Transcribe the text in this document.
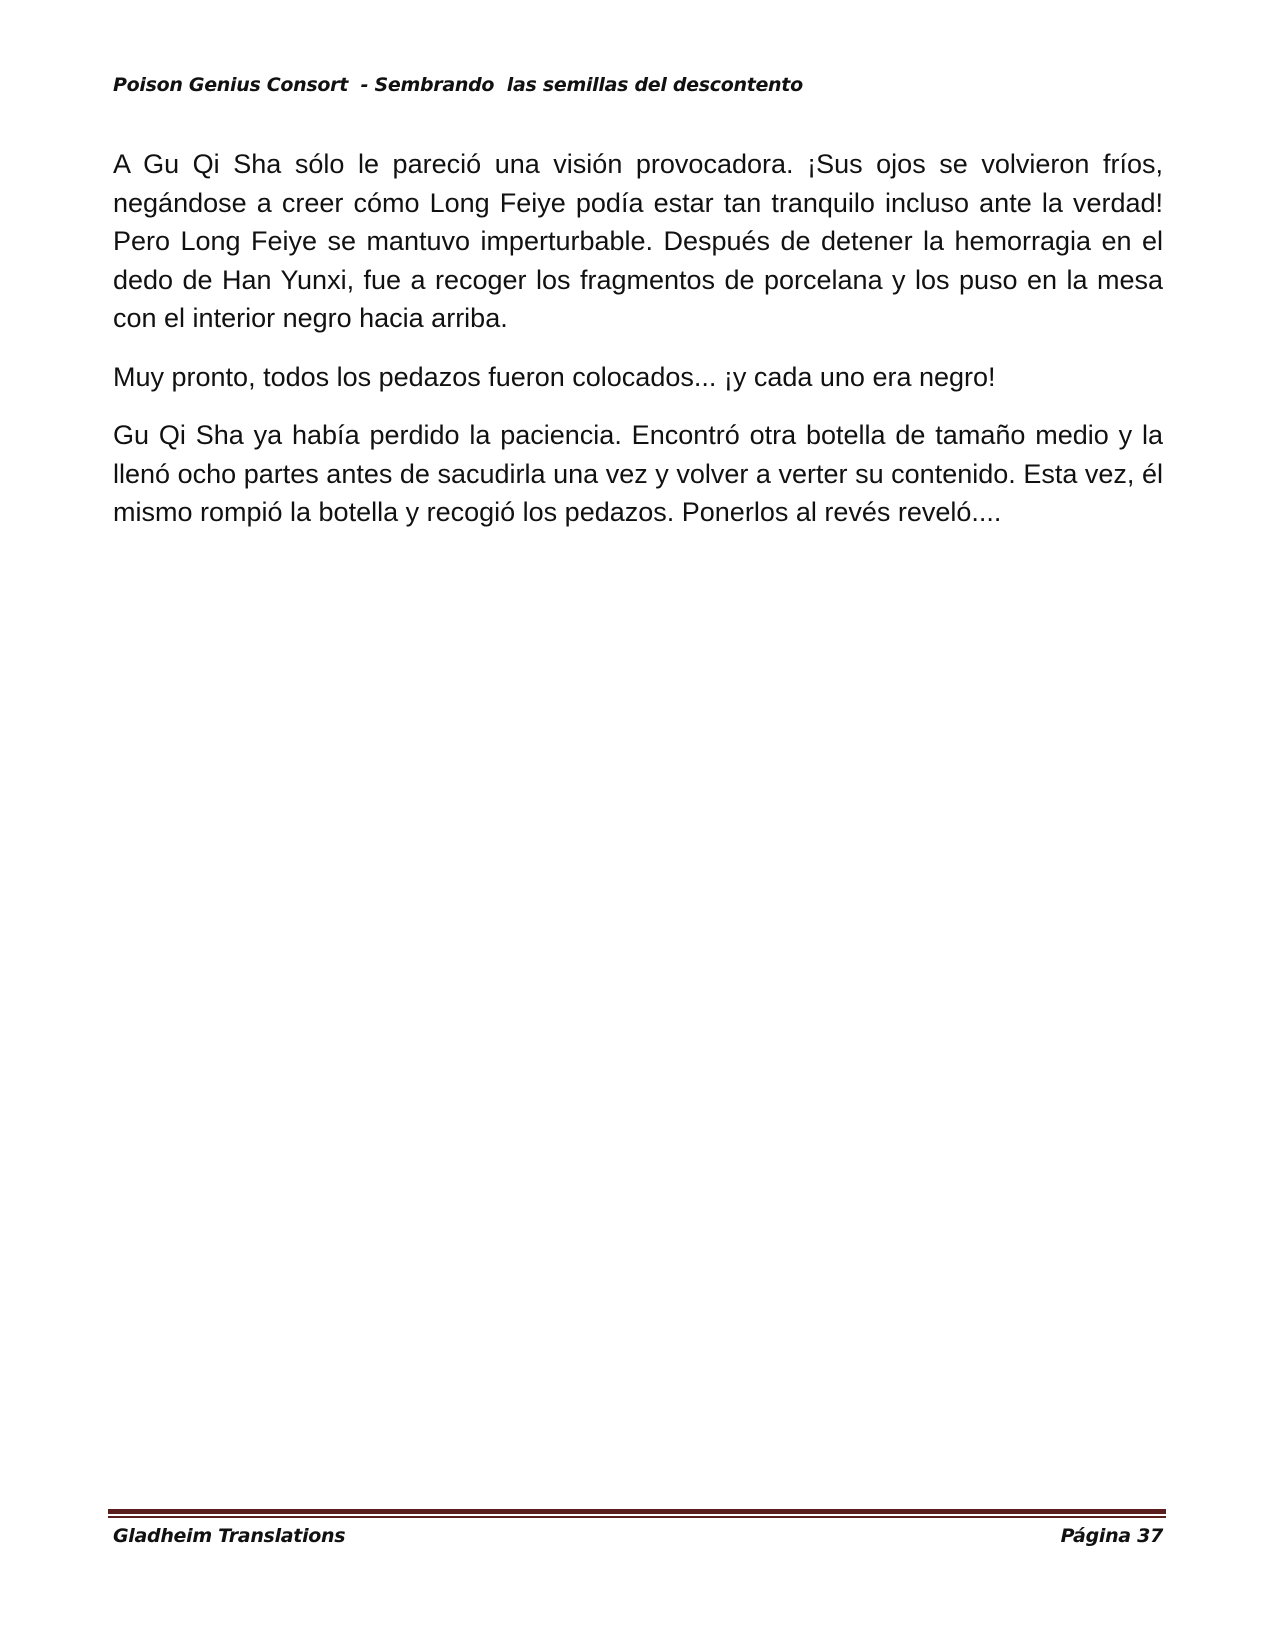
Poison Genius Consort  - Sembrando  las semillas del descontento

A Gu Qi Sha sólo le pareció una visión provocadora. ¡Sus ojos se volvieron fríos, negándose a creer cómo Long Feiye podía estar tan tranquilo incluso ante la verdad! Pero Long Feiye se mantuvo imperturbable. Después de detener la hemorragia en el dedo de Han Yunxi, fue a recoger los fragmentos de porcelana y los puso en la mesa con el interior negro hacia arriba.

Muy pronto, todos los pedazos fueron colocados... ¡y cada uno era negro!

Gu Qi Sha ya había perdido la paciencia. Encontró otra botella de tamaño medio y la llenó ocho partes antes de sacudirla una vez y volver a verter su contenido. Esta vez, él mismo rompió la botella y recogió los pedazos. Ponerlos al revés reveló....

Gladheim Translations	Página 37
